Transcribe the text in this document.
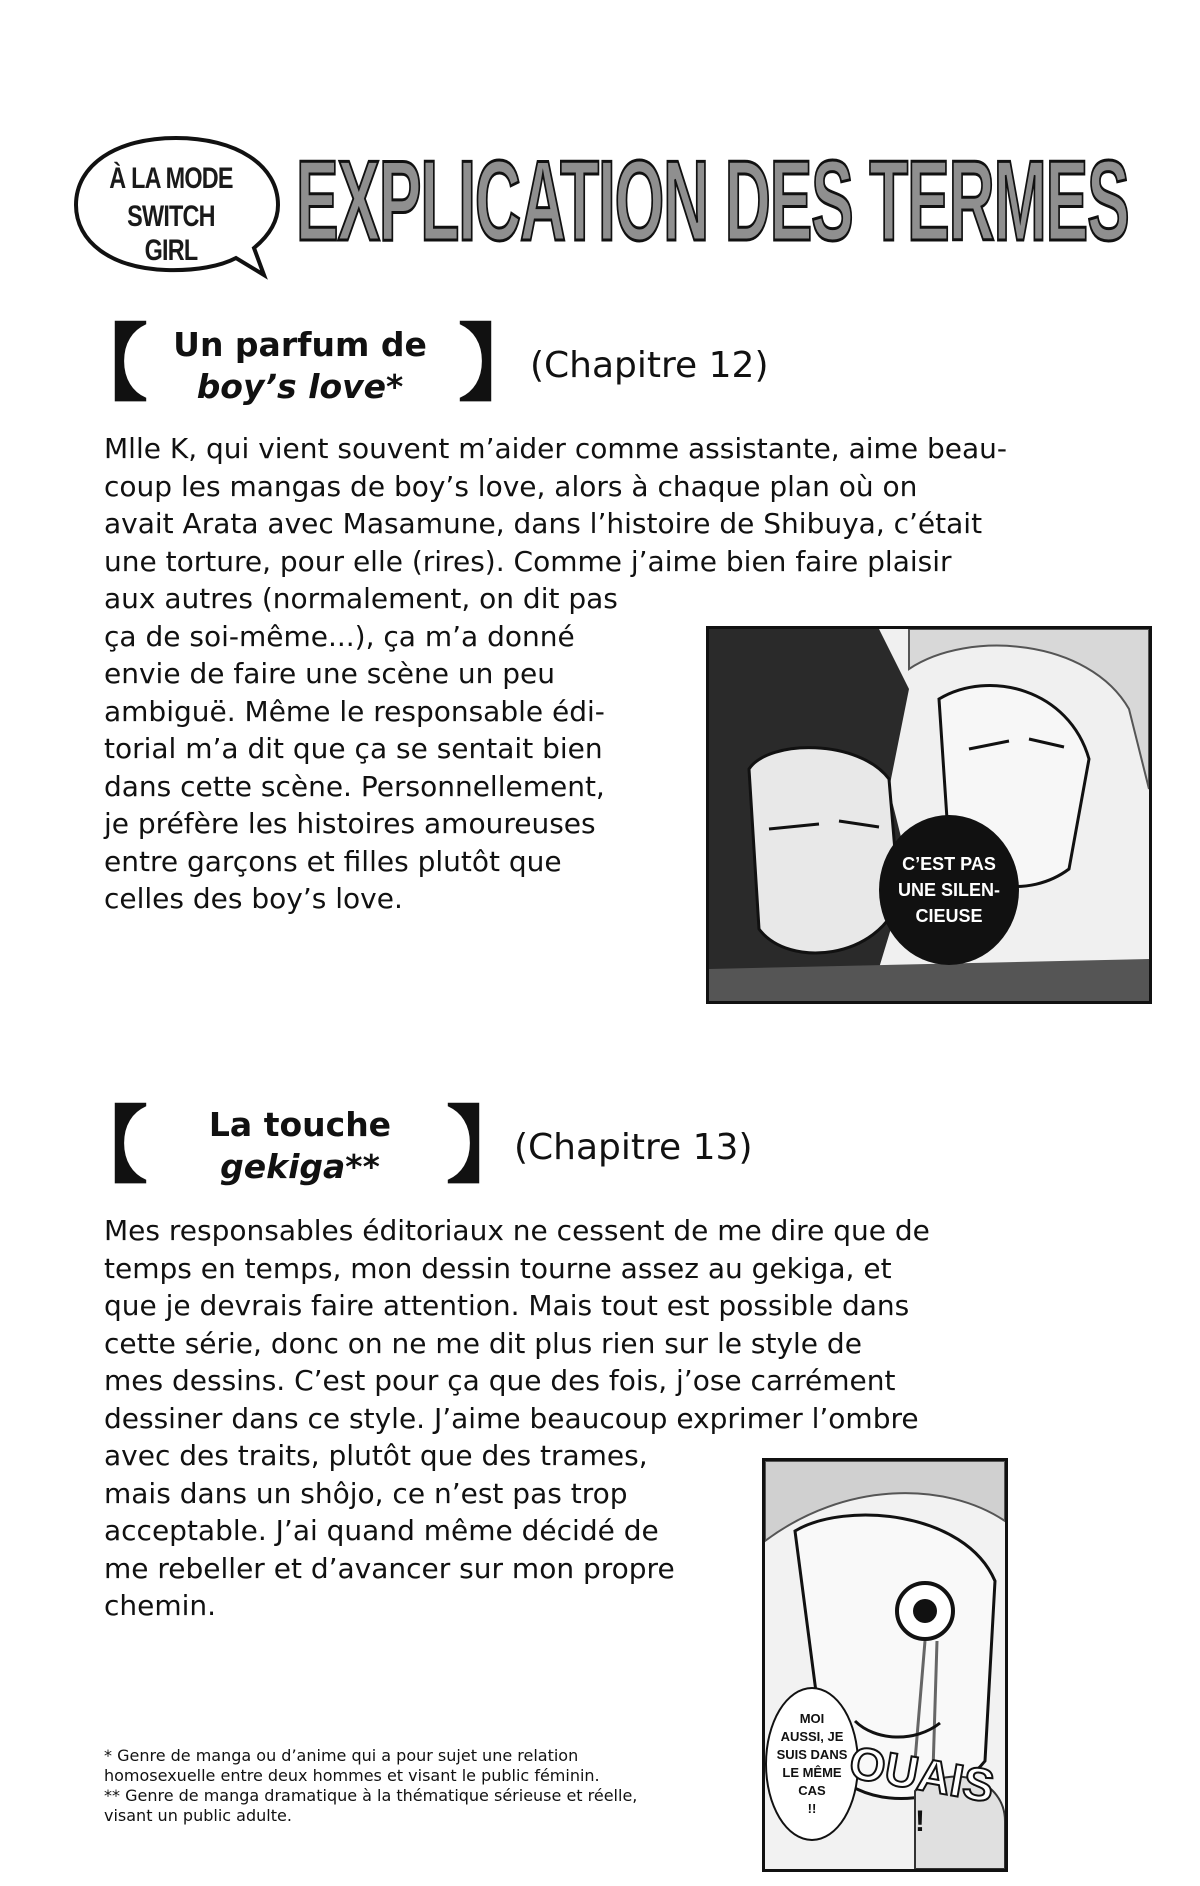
À LA MODE
SWITCH GIRL EXPLICATION DES TERMES
【 Un parfum de
boy’s love* 】
(Chapitre 12)
Mlle K, qui vient souvent m’aider comme assistante, aime beau-
coup les mangas de boy’s love, alors à chaque plan où on
avait Arata avec Masamune, dans l’histoire de Shibuya, c’était
une torture, pour elle (rires). Comme j’aime bien faire plaisir
aux autres (normalement, on dit pas
ça de soi-même...), ça m’a donné
envie de faire une scène un peu
ambiguë. Même le responsable édi-
torial m’a dit que ça se sentait bien
dans cette scène. Personnellement,
je préfère les histoires amoureuses
entre garçons et filles plutôt que
celles des boy’s love.
C’EST PAS
UNE SILEN-
CIEUSE
【	La touche
gekiga** 】
(Chapitre 13)
Mes responsables éditoriaux ne cessent de me dire que de
temps en temps, mon dessin tourne assez au gekiga, et
que je devrais faire attention. Mais tout est possible dans
cette série, donc on ne me dit plus rien sur le style de
mes dessins. C’est pour ça que des fois, j’ose carrément
dessiner dans ce style. J’aime beaucoup exprimer l’ombre
avec des traits, plutôt que des trames,
mais dans un shôjo, ce n’est pas trop
acceptable. J’ai quand même décidé de
me rebeller et d’avancer sur mon propre
chemin.
MOI
AUSSI, JE
SUIS DANS
LE MÊME
CAS
!! OUAIS
!
* Genre de manga ou d’anime qui a pour sujet une relation
homosexuelle entre deux hommes et visant le public féminin.
** Genre de manga dramatique à la thématique sérieuse et réelle,
visant un public adulte.
